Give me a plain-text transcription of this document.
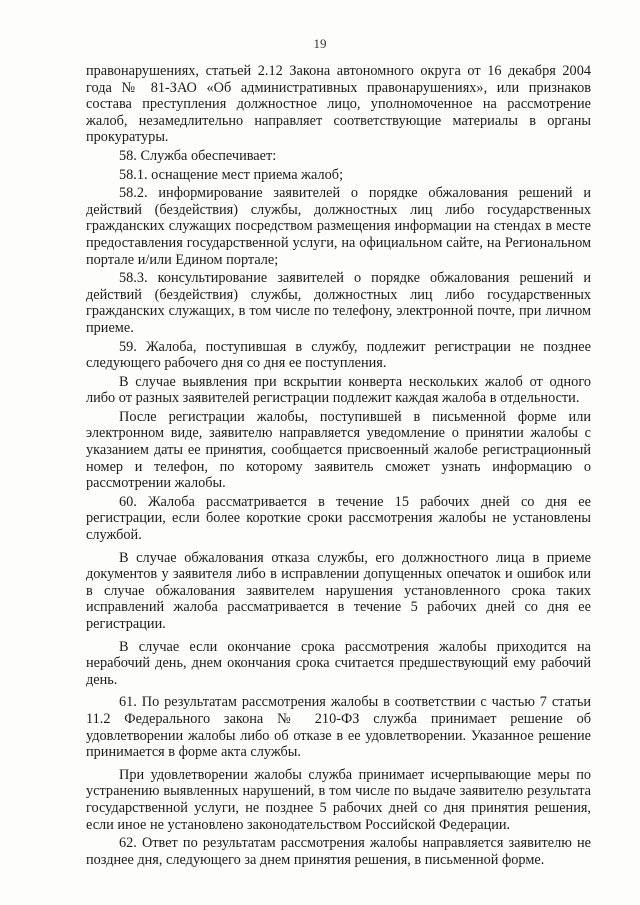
19

правонарушениях, статьей 2.12 Закона автономного округа от 16 декабря 2004 года № 81-ЗАО «Об административных правонарушениях», или признаков состава преступления должностное лицо, уполномоченное на рассмотрение жалоб, незамедлительно направляет соответствующие материалы в органы прокуратуры.

58. Служба обеспечивает:

58.1. оснащение мест приема жалоб;

58.2. информирование заявителей о порядке обжалования решений и действий (бездействия) службы, должностных лиц либо государственных гражданских служащих посредством размещения информации на стендах в месте предоставления государственной услуги, на официальном сайте, на Региональном портале и/или Едином портале;

58.3. консультирование заявителей о порядке обжалования решений и действий (бездействия) службы, должностных лиц либо государственных гражданских служащих, в том числе по телефону, электронной почте, при личном приеме.

59. Жалоба, поступившая в службу, подлежит регистрации не позднее следующего рабочего дня со дня ее поступления.

В случае выявления при вскрытии конверта нескольких жалоб от одного либо от разных заявителей регистрации подлежит каждая жалоба в отдельности.

После регистрации жалобы, поступившей в письменной форме или электронном виде, заявителю направляется уведомление о принятии жалобы с указанием даты ее принятия, сообщается присвоенный жалобе регистрационный номер и телефон, по которому заявитель сможет узнать информацию о рассмотрении жалобы.

60. Жалоба рассматривается в течение 15 рабочих дней со дня ее регистрации, если более короткие сроки рассмотрения жалобы не установлены службой.

В случае обжалования отказа службы, его должностного лица в приеме документов у заявителя либо в исправлении допущенных опечаток и ошибок или в случае обжалования заявителем нарушения установленного срока таких исправлений жалоба рассматривается в течение 5 рабочих дней со дня ее регистрации.

В случае если окончание срока рассмотрения жалобы приходится на нерабочий день, днем окончания срока считается предшествующий ему рабочий день.

61. По результатам рассмотрения жалобы в соответствии с частью 7 статьи 11.2 Федерального закона № 210-ФЗ служба принимает решение об удовлетворении жалобы либо об отказе в ее удовлетворении. Указанное решение принимается в форме акта службы.

При удовлетворении жалобы служба принимает исчерпывающие меры по устранению выявленных нарушений, в том числе по выдаче заявителю результата государственной услуги, не позднее 5 рабочих дней со дня принятия решения, если иное не установлено законодательством Российской Федерации.

62. Ответ по результатам рассмотрения жалобы направляется заявителю не позднее дня, следующего за днем принятия решения, в письменной форме.
